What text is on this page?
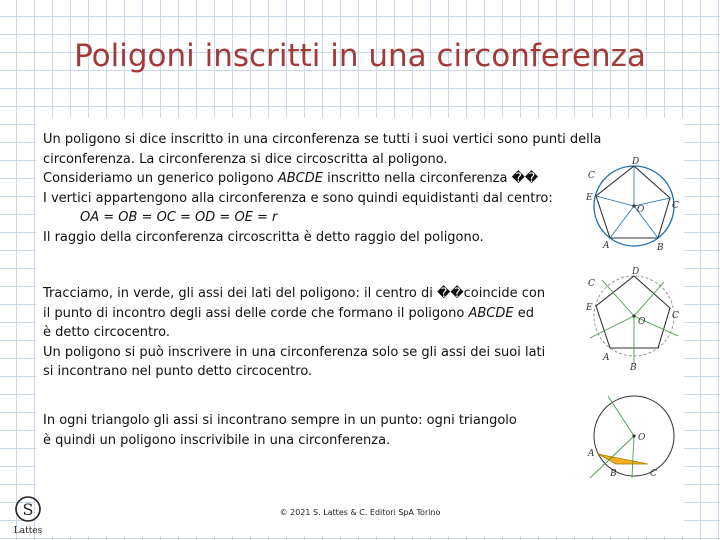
Poligoni inscritti in una circonferenza
Un poligono si dice inscritto in una circonferenza se tutti i suoi vertici sono punti della
circonferenza. La circonferenza si dice circoscritta al poligono.
Consideriamo un generico poligono ABCDE inscritto nella circonferenza ��
I vertici appartengono alla circonferenza e sono quindi equidistanti dal centro:
OA = OB = OC = OD = OE = r
Il raggio della circonferenza circoscritta è detto raggio del poligono.
Tracciamo, in verde, gli assi dei lati del poligono: il centro di ��coincide con
il punto di incontro degli assi delle corde che formano il poligono ABCDE ed
è detto circocentro.
Un poligono si può inscrivere in una circonferenza solo se gli assi dei suoi lati
si incontrano nel punto detto circocentro.
In ogni triangolo gli assi si incontrano sempre in un punto: ogni triangolo
è quindi un poligono inscrivibile in una circonferenza.
C
D
C
E
O
A	B
C
D
C
E
O
A
B
O
A
B	C
S
Lattes
© 2021 S. Lattes & C. Editori SpA Torino
